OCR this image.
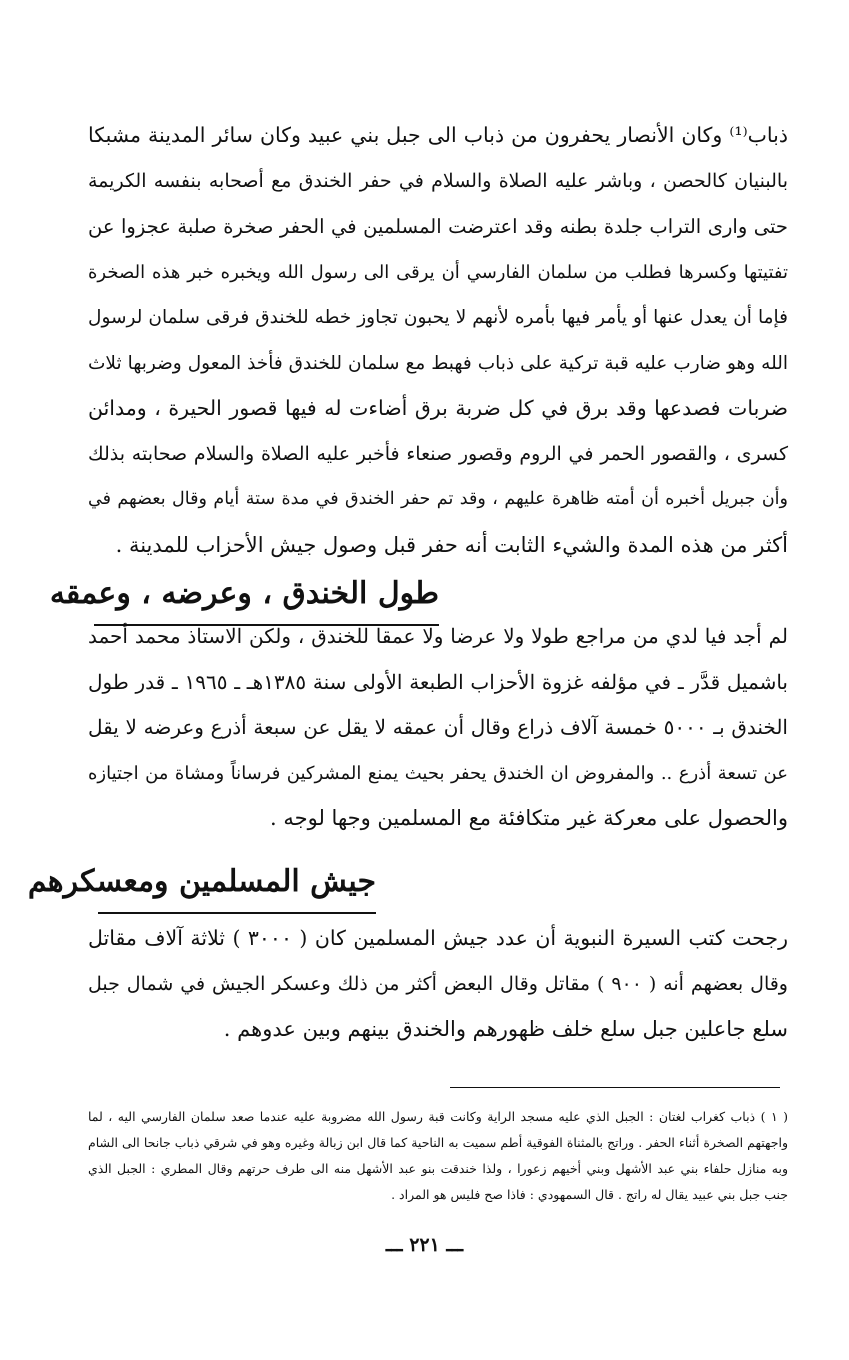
ذباب⁽¹⁾ وكان الأنصار يحفرون من ذباب الى جبل بني عبيد وكان سائر المدينة مشبكا
بالبنيان كالحصن ، وباشر عليه الصلاة والسلام في حفر الخندق مع أصحابه بنفسه الكريمة
حتى وارى التراب جلدة بطنه وقد اعترضت المسلمين في الحفر صخرة صلبة عجزوا عن
تفتيتها وكسرها فطلب من سلمان الفارسي أن يرقى الى رسول الله ويخبره خبر هذه الصخرة
فإما أن يعدل عنها أو يأمر فيها بأمره لأنهم لا يحبون تجاوز خطه للخندق فرقى سلمان لرسول
الله وهو ضارب عليه قبة تركية على ذباب فهبط مع سلمان للخندق فأخذ المعول وضربها ثلاث
ضربات فصدعها وقد برق في كل ضربة برق أضاءت له فيها قصور الحيرة ، ومدائن
كسرى ، والقصور الحمر في الروم وقصور صنعاء فأخبر عليه الصلاة والسلام صحابته بذلك
وأن جبريل أخبره أن أمته ظاهرة عليهم ، وقد تم حفر الخندق في مدة ستة أيام وقال بعضهم في
أكثر من هذه المدة والشيء الثابت أنه حفر قبل وصول جيش الأحزاب للمدينة .
طول الخندق ، وعرضه ، وعمقه
لم أجد فيا لدي من مراجع طولا ولا عرضا ولا عمقا للخندق ، ولكن الاستاذ محمد أحمد
باشميل قدَّر ـ في مؤلفه غزوة الأحزاب الطبعة الأولى سنة ١٣٨٥هـ ـ ١٩٦٥ ـ قدر طول
الخندق بـ ٥٠٠٠ خمسة آلاف ذراع وقال أن عمقه لا يقل عن سبعة أذرع وعرضه لا يقل
عن تسعة أذرع .. والمفروض ان الخندق يحفر بحيث يمنع المشركين فرساناً ومشاة من اجتيازه
والحصول على معركة غير متكافئة مع المسلمين وجها لوجه .
جيش المسلمين ومعسكرهم
رجحت كتب السيرة النبوية أن عدد جيش المسلمين كان ( ٣٠٠٠ ) ثلاثة آلاف مقاتل
وقال بعضهم أنه ( ٩٠٠ ) مقاتل وقال البعض أكثر من ذلك وعسكر الجيش في شمال جبل
سلع جاعلين جبل سلع خلف ظهورهم والخندق بينهم وبين عدوهم .
( ١ ) ذباب كغراب لغتان : الجبل الذي عليه مسجد الراية وكانت قبة رسول الله مضروبة عليه عندما صعد سلمان الفارسي اليه ، لما
واجهتهم الصخرة أثناء الحفر . وراتج بالمثناة الفوقية أطم سميت به الناحية كما قال ابن زبالة وغيره وهو في شرقي ذباب جانحا الى الشام
وبه منازل حلفاء بني عبد الأشهل وبني أخيهم زعورا ، ولذا خندقت بنو عبد الأشهل منه الى طرف حرتهم وقال المطري : الجبل الذي
جنب جبل بني عبيد يقال له راتج . قال السمهودي : فاذا صح فليس هو المراد .
ـــ ٢٢١ ـــ
